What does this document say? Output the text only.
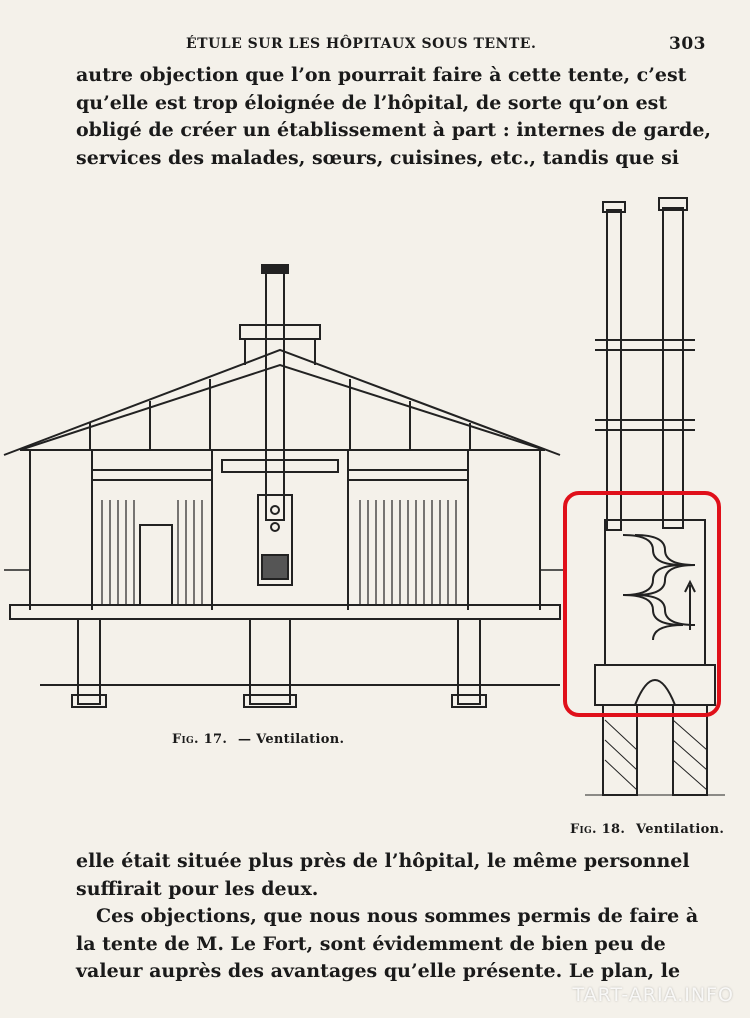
ÉTULE SUR LES HÔPITAUX SOUS TENTE.	303
autre objection que l’on pourrait faire à cette tente, c’est
qu’elle est trop éloignée de l’hôpital, de sorte qu’on est
obligé de créer un établissement à part : internes de garde,
services des malades, sœurs, cuisines, etc., tandis que si
Fig. 17. — Ventilation.
Fig. 18. Ventilation.
elle était située plus près de l’hôpital, le même personnel
suffirait pour les deux.
Ces objections, que nous nous sommes permis de faire à
la tente de M. Le Fort, sont évidemment de bien peu de
valeur auprès des avantages qu’elle présente. Le plan, le
TART-ARIA.INFO
